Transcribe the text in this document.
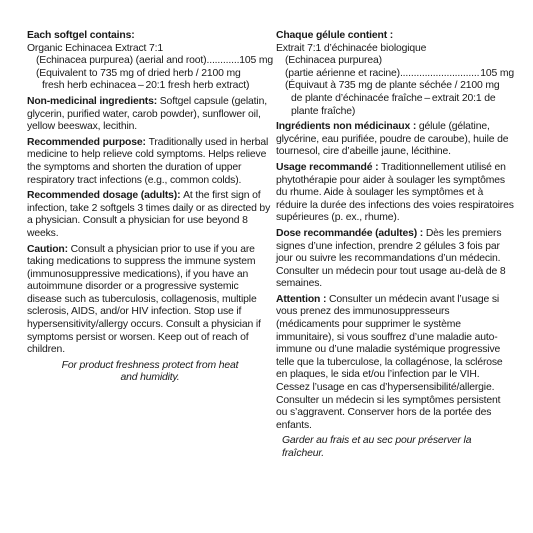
Each softgel contains:
Organic Echinacea Extract 7:1
(Echinacea purpurea) (aerial and root) .....	105 mg
(Equivalent to 735 mg of dried herb / 2100 mg
fresh herb echinacea – 20:1 fresh herb extract)
Non-medicinal ingredients: Softgel capsule (gelatin, glycerin, purified water, carob powder), sunflower oil, yellow beeswax, lecithin.
Recommended purpose: Traditionally used in herbal medicine to help relieve cold symptoms. Helps relieve the symptoms and shorten the duration of upper respiratory tract infections (e.g., common colds).
Recommended dosage (adults): At the first sign of infection, take 2 softgels 3 times daily or as directed by a physician. Consult a physician for use beyond 8 weeks.
Caution: Consult a physician prior to use if you are taking medications to suppress the immune system (immunosuppressive medications), if you have an autoimmune disorder or a progressive systemic disease such as tuberculosis, collagenosis, multiple sclerosis, AIDS, and/or HIV infection. Stop use if hypersensitivity/allergy occurs. Consult a physician if symptoms persist or worsen. Keep out of reach of children.
For product freshness protect from heat and humidity.
Chaque gélule contient :
Extrait 7:1 d’échinacée biologique
(Echinacea purpurea)
(partie aérienne et racine) .....	105 mg
(Équivaut à 735 mg de plante séchée / 2100 mg
de plante d’échinacée fraîche – extrait 20:1 de
plante fraîche)
Ingrédients non médicinaux : gélule (gélatine, glycérine, eau purifiée, poudre de caroube), huile de tournesol, cire d’abeille jaune, lécithine.
Usage recommandé : Traditionnellement utilisé en phytothérapie pour aider à soulager les symptômes du rhume. Aide à soulager les symptômes et à réduire la durée des infections des voies respiratoires supérieures (p. ex., rhume).
Dose recommandée (adultes) : Dès les premiers signes d’une infection, prendre 2 gélules 3 fois par jour ou suivre les recommandations d’un médecin. Consulter un médecin pour tout usage au-delà de 8 semaines.
Attention : Consulter un médecin avant l’usage si vous prenez des immunosuppresseurs (médicaments pour supprimer le système immunitaire), si vous souffrez d’une maladie auto-immune ou d’une maladie systémique progressive telle que la tuberculose, la collagénose, la sclérose en plaques, le sida et/ou l’infection par le VIH. Cessez l’usage en cas d’hypersensibilité/allergie. Consulter un médecin si les symptômes persistent ou s’aggravent. Conserver hors de la portée des enfants.
Garder au frais et au sec pour préserver la fraîcheur.
